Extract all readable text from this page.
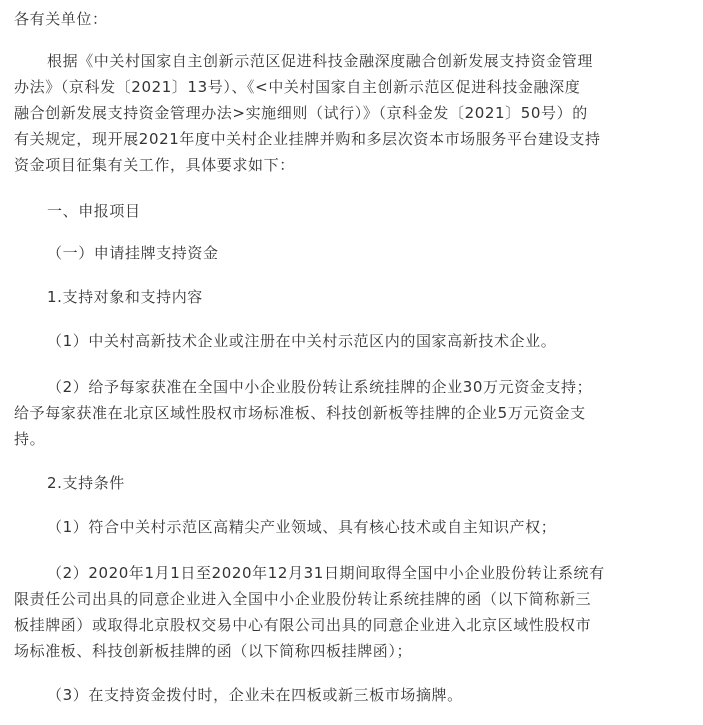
各有关单位：
根据《中关村国家自主创新示范区促进科技金融深度融合创新发展支持资金管理
办法》（京科发〔2021〕13号）、《<中关村国家自主创新示范区促进科技金融深度
融合创新发展支持资金管理办法>实施细则（试行）》（京科金发〔2021〕50号）的
有关规定，现开展2021年度中关村企业挂牌并购和多层次资本市场服务平台建设支持
资金项目征集有关工作，具体要求如下：
一、申报项目
（一）申请挂牌支持资金
1.支持对象和支持内容
（1）中关村高新技术企业或注册在中关村示范区内的国家高新技术企业。
（2）给予每家获准在全国中小企业股份转让系统挂牌的企业30万元资金支持；
给予每家获准在北京区域性股权市场标准板、科技创新板等挂牌的企业5万元资金支
持。
2.支持条件
（1）符合中关村示范区高精尖产业领域、具有核心技术或自主知识产权；
（2）2020年1月1日至2020年12月31日期间取得全国中小企业股份转让系统有
限责任公司出具的同意企业进入全国中小企业股份转让系统挂牌的函（以下简称新三
板挂牌函）或取得北京股权交易中心有限公司出具的同意企业进入北京区域性股权市
场标准板、科技创新板挂牌的函（以下简称四板挂牌函）；
（3）在支持资金拨付时，企业未在四板或新三板市场摘牌。
